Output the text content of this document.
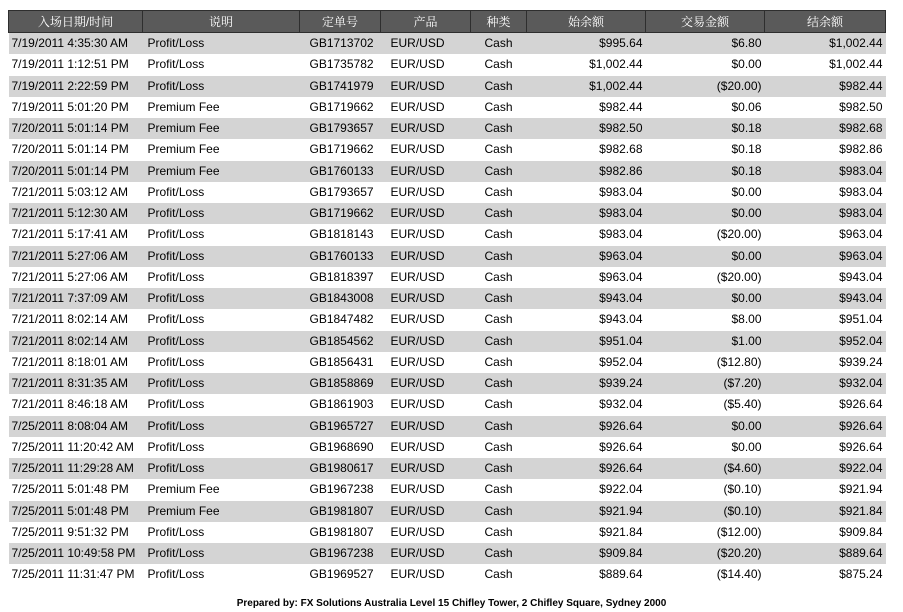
入场日期/时间	说明	定单号	产品	种类	始余额	交易金额	结余额
7/19/2011 4:35:30 AM	Profit/Loss	GB1713702	EUR/USD	Cash	$995.64	$6.80	$1,002.44
7/19/2011 1:12:51 PM	Profit/Loss	GB1735782	EUR/USD	Cash	$1,002.44	$0.00	$1,002.44
7/19/2011 2:22:59 PM	Profit/Loss	GB1741979	EUR/USD	Cash	$1,002.44	($20.00)	$982.44
7/19/2011 5:01:20 PM	Premium Fee	GB1719662	EUR/USD	Cash	$982.44	$0.06	$982.50
7/20/2011 5:01:14 PM	Premium Fee	GB1793657	EUR/USD	Cash	$982.50	$0.18	$982.68
7/20/2011 5:01:14 PM	Premium Fee	GB1719662	EUR/USD	Cash	$982.68	$0.18	$982.86
7/20/2011 5:01:14 PM	Premium Fee	GB1760133	EUR/USD	Cash	$982.86	$0.18	$983.04
7/21/2011 5:03:12 AM	Profit/Loss	GB1793657	EUR/USD	Cash	$983.04	$0.00	$983.04
7/21/2011 5:12:30 AM	Profit/Loss	GB1719662	EUR/USD	Cash	$983.04	$0.00	$983.04
7/21/2011 5:17:41 AM	Profit/Loss	GB1818143	EUR/USD	Cash	$983.04	($20.00)	$963.04
7/21/2011 5:27:06 AM	Profit/Loss	GB1760133	EUR/USD	Cash	$963.04	$0.00	$963.04
7/21/2011 5:27:06 AM	Profit/Loss	GB1818397	EUR/USD	Cash	$963.04	($20.00)	$943.04
7/21/2011 7:37:09 AM	Profit/Loss	GB1843008	EUR/USD	Cash	$943.04	$0.00	$943.04
7/21/2011 8:02:14 AM	Profit/Loss	GB1847482	EUR/USD	Cash	$943.04	$8.00	$951.04
7/21/2011 8:02:14 AM	Profit/Loss	GB1854562	EUR/USD	Cash	$951.04	$1.00	$952.04
7/21/2011 8:18:01 AM	Profit/Loss	GB1856431	EUR/USD	Cash	$952.04	($12.80)	$939.24
7/21/2011 8:31:35 AM	Profit/Loss	GB1858869	EUR/USD	Cash	$939.24	($7.20)	$932.04
7/21/2011 8:46:18 AM	Profit/Loss	GB1861903	EUR/USD	Cash	$932.04	($5.40)	$926.64
7/25/2011 8:08:04 AM	Profit/Loss	GB1965727	EUR/USD	Cash	$926.64	$0.00	$926.64
7/25/2011 11:20:42 AM	Profit/Loss	GB1968690	EUR/USD	Cash	$926.64	$0.00	$926.64
7/25/2011 11:29:28 AM	Profit/Loss	GB1980617	EUR/USD	Cash	$926.64	($4.60)	$922.04
7/25/2011 5:01:48 PM	Premium Fee	GB1967238	EUR/USD	Cash	$922.04	($0.10)	$921.94
7/25/2011 5:01:48 PM	Premium Fee	GB1981807	EUR/USD	Cash	$921.94	($0.10)	$921.84
7/25/2011 9:51:32 PM	Profit/Loss	GB1981807	EUR/USD	Cash	$921.84	($12.00)	$909.84
7/25/2011 10:49:58 PM	Profit/Loss	GB1967238	EUR/USD	Cash	$909.84	($20.20)	$889.64
7/25/2011 11:31:47 PM	Profit/Loss	GB1969527	EUR/USD	Cash	$889.64	($14.40)	$875.24
Prepared by: FX Solutions Australia Level 15 Chifley Tower, 2 Chifley Square, Sydney 2000
